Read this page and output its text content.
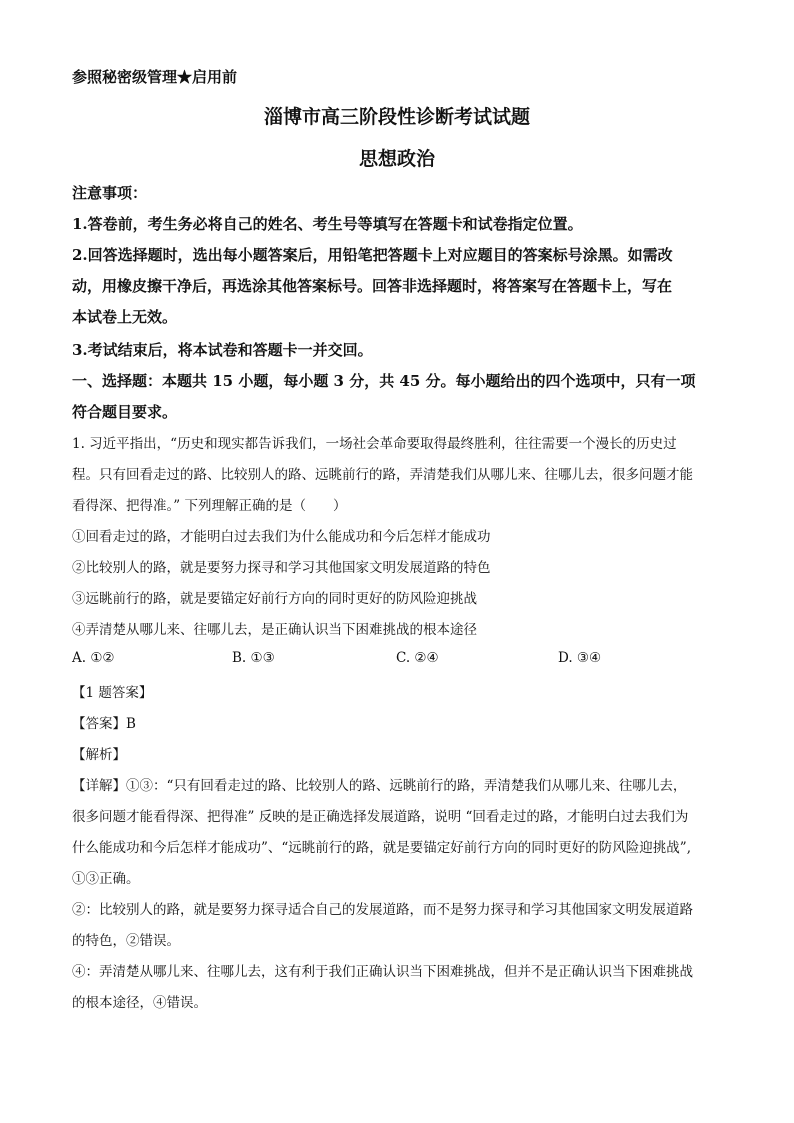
参照秘密级管理★启用前
淄博市高三阶段性诊断考试试题
思想政治
注意事项：
1.答卷前，考生务必将自己的姓名、考生号等填写在答题卡和试卷指定位置。
2.回答选择题时，选出每小题答案后，用铅笔把答题卡上对应题目的答案标号涂黑。如需改
动，用橡皮擦干净后，再选涂其他答案标号。回答非选择题时，将答案写在答题卡上，写在
本试卷上无效。
3.考试结束后，将本试卷和答题卡一并交回。
一、选择题：本题共 15 小题，每小题 3 分，共 45 分。每小题给出的四个选项中，只有一项
符合题目要求。
1. 习近平指出，“历史和现实都告诉我们，一场社会革命要取得最终胜利，往往需要一个漫长的历史过
程。只有回看走过的路、比较别人的路、远眺前行的路，弄清楚我们从哪儿来、往哪儿去，很多问题才能
看得深、把得准。” 下列理解正确的是（　　）
①回看走过的路，才能明白过去我们为什么能成功和今后怎样才能成功
②比较别人的路，就是要努力探寻和学习其他国家文明发展道路的特色
③远眺前行的路，就是要锚定好前行方向的同时更好的防风险迎挑战
④弄清楚从哪儿来、往哪儿去，是正确认识当下困难挑战的根本途径
A. ①②	B. ①③	C. ②④	D. ③④
【1 题答案】
【答案】B
【解析】
【详解】①③：“只有回看走过的路、比较别人的路、远眺前行的路，弄清楚我们从哪儿来、往哪儿去，
很多问题才能看得深、把得准” 反映的是正确选择发展道路，说明 “回看走过的路，才能明白过去我们为
什么能成功和今后怎样才能成功”、“远眺前行的路，就是要锚定好前行方向的同时更好的防风险迎挑战”,
①③正确。
②：比较别人的路，就是要努力探寻适合自己的发展道路，而不是努力探寻和学习其他国家文明发展道路
的特色，②错误。
④：弄清楚从哪儿来、往哪儿去，这有利于我们正确认识当下困难挑战，但并不是正确认识当下困难挑战
的根本途径，④错误。
